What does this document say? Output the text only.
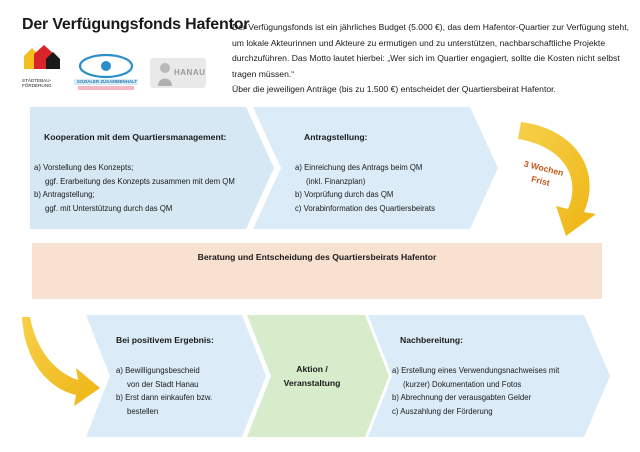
Der Verfügungsfonds Hafentor
STÄDTEBAU-
FÖRDERUNG
SOZIALER ZUSAMMENHALT
HANAU

Der Verfügungsfonds ist ein jährliches Budget (5.000 €), das dem Hafentor-Quartier zur Verfügung steht, um lokale Akteurinnen und Akteure zu ermutigen und zu unterstützen, nachbarschaftliche Projekte durchzuführen. Das Motto lautet hierbei: „Wer sich im Quartier engagiert, sollte die Kosten nicht selbst tragen müssen.“

Über die jeweiligen Anträge (bis zu 1.500 €) entscheidet der Quartiersbeirat Hafentor.

Kooperation mit dem Quartiersmanagement:
a) Vorstellung des Konzepts;
ggf. Erarbeitung des Konzepts zusammen mit dem QM
b) Antragstellung;
ggf. mit Unterstützung durch das QM
Antragstellung:
a) Einreichung des Antrags beim QM
(inkl. Finanzplan)
b) Vorprüfung durch das QM
c) Vorabinformation des Quartiersbeirats
3 Wochen
Frist
Beratung und Entscheidung des Quartiersbeirats Hafentor
Bei positivem Ergebnis:
a) Bewilligungsbescheid
von der Stadt Hanau
b) Erst dann einkaufen bzw.
bestellen
Aktion /
Veranstaltung
Nachbereitung:
a) Erstellung eines Verwendungsnachweises mit
(kurzer) Dokumentation und Fotos
b) Abrechnung der verausgabten Gelder
c) Auszahlung der Förderung
